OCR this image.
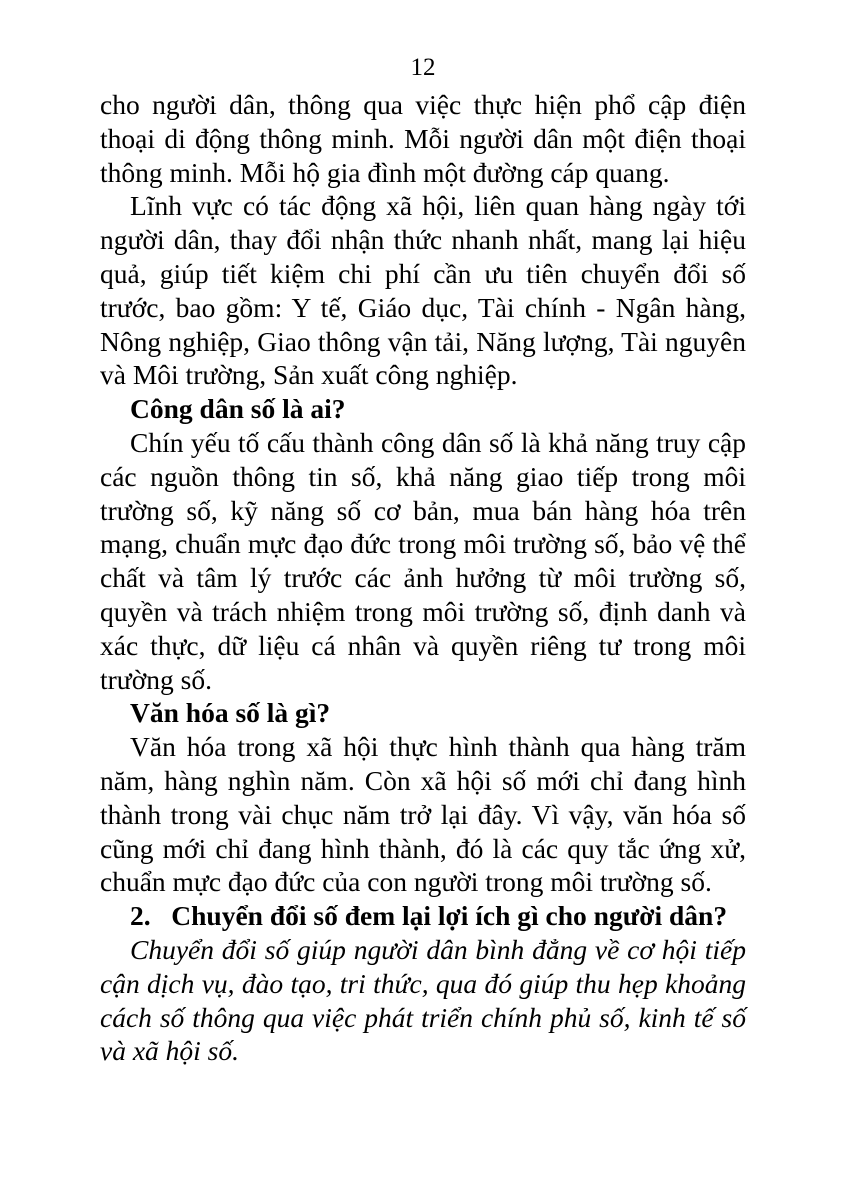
12

cho người dân, thông qua việc thực hiện phổ cập điện thoại di động thông minh. Mỗi người dân một điện thoại thông minh. Mỗi hộ gia đình một đường cáp quang.

Lĩnh vực có tác động xã hội, liên quan hàng ngày tới người dân, thay đổi nhận thức nhanh nhất, mang lại hiệu quả, giúp tiết kiệm chi phí cần ưu tiên chuyển đổi số trước, bao gồm: Y tế, Giáo dục, Tài chính - Ngân hàng, Nông nghiệp, Giao thông vận tải, Năng lượng, Tài nguyên và Môi trường, Sản xuất công nghiệp.

Công dân số là ai?

Chín yếu tố cấu thành công dân số là khả năng truy cập các nguồn thông tin số, khả năng giao tiếp trong môi trường số, kỹ năng số cơ bản, mua bán hàng hóa trên mạng, chuẩn mực đạo đức trong môi trường số, bảo vệ thể chất và tâm lý trước các ảnh hưởng từ môi trường số, quyền và trách nhiệm trong môi trường số, định danh và xác thực, dữ liệu cá nhân và quyền riêng tư trong môi trường số.

Văn hóa số là gì?

Văn hóa trong xã hội thực hình thành qua hàng trăm năm, hàng nghìn năm. Còn xã hội số mới chỉ đang hình thành trong vài chục năm trở lại đây. Vì vậy, văn hóa số cũng mới chỉ đang hình thành, đó là các quy tắc ứng xử, chuẩn mực đạo đức của con người trong môi trường số.

2.   Chuyển đổi số đem lại lợi ích gì cho người dân?

Chuyển đổi số giúp người dân bình đẳng về cơ hội tiếp cận dịch vụ, đào tạo, tri thức, qua đó giúp thu hẹp khoảng cách số thông qua việc phát triển chính phủ số, kinh tế số và xã hội số.
